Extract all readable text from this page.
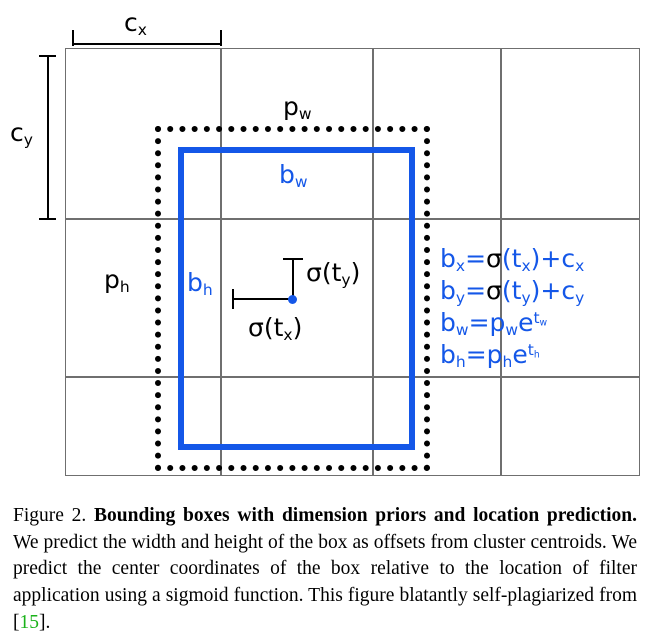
$c_x$
$c_y$
$p_w$
$p_h$
$b_w$
$b_h$
$\sigma(t_y)$
$\sigma(t_x)$
$b_x=\sigma(t_x)+c_x$
$b_y=\sigma(t_y)+c_y$
$b_w=p_we^{t_w}$
$b_h=p_he^{t_h}$
Figure 2. Bounding boxes with dimension priors and location prediction. We predict the width and height of the box as offsets from cluster centroids. We predict the center coordinates of the box relative to the location of filter application using a sigmoid function. This figure blatantly self-plagiarized from [15].
